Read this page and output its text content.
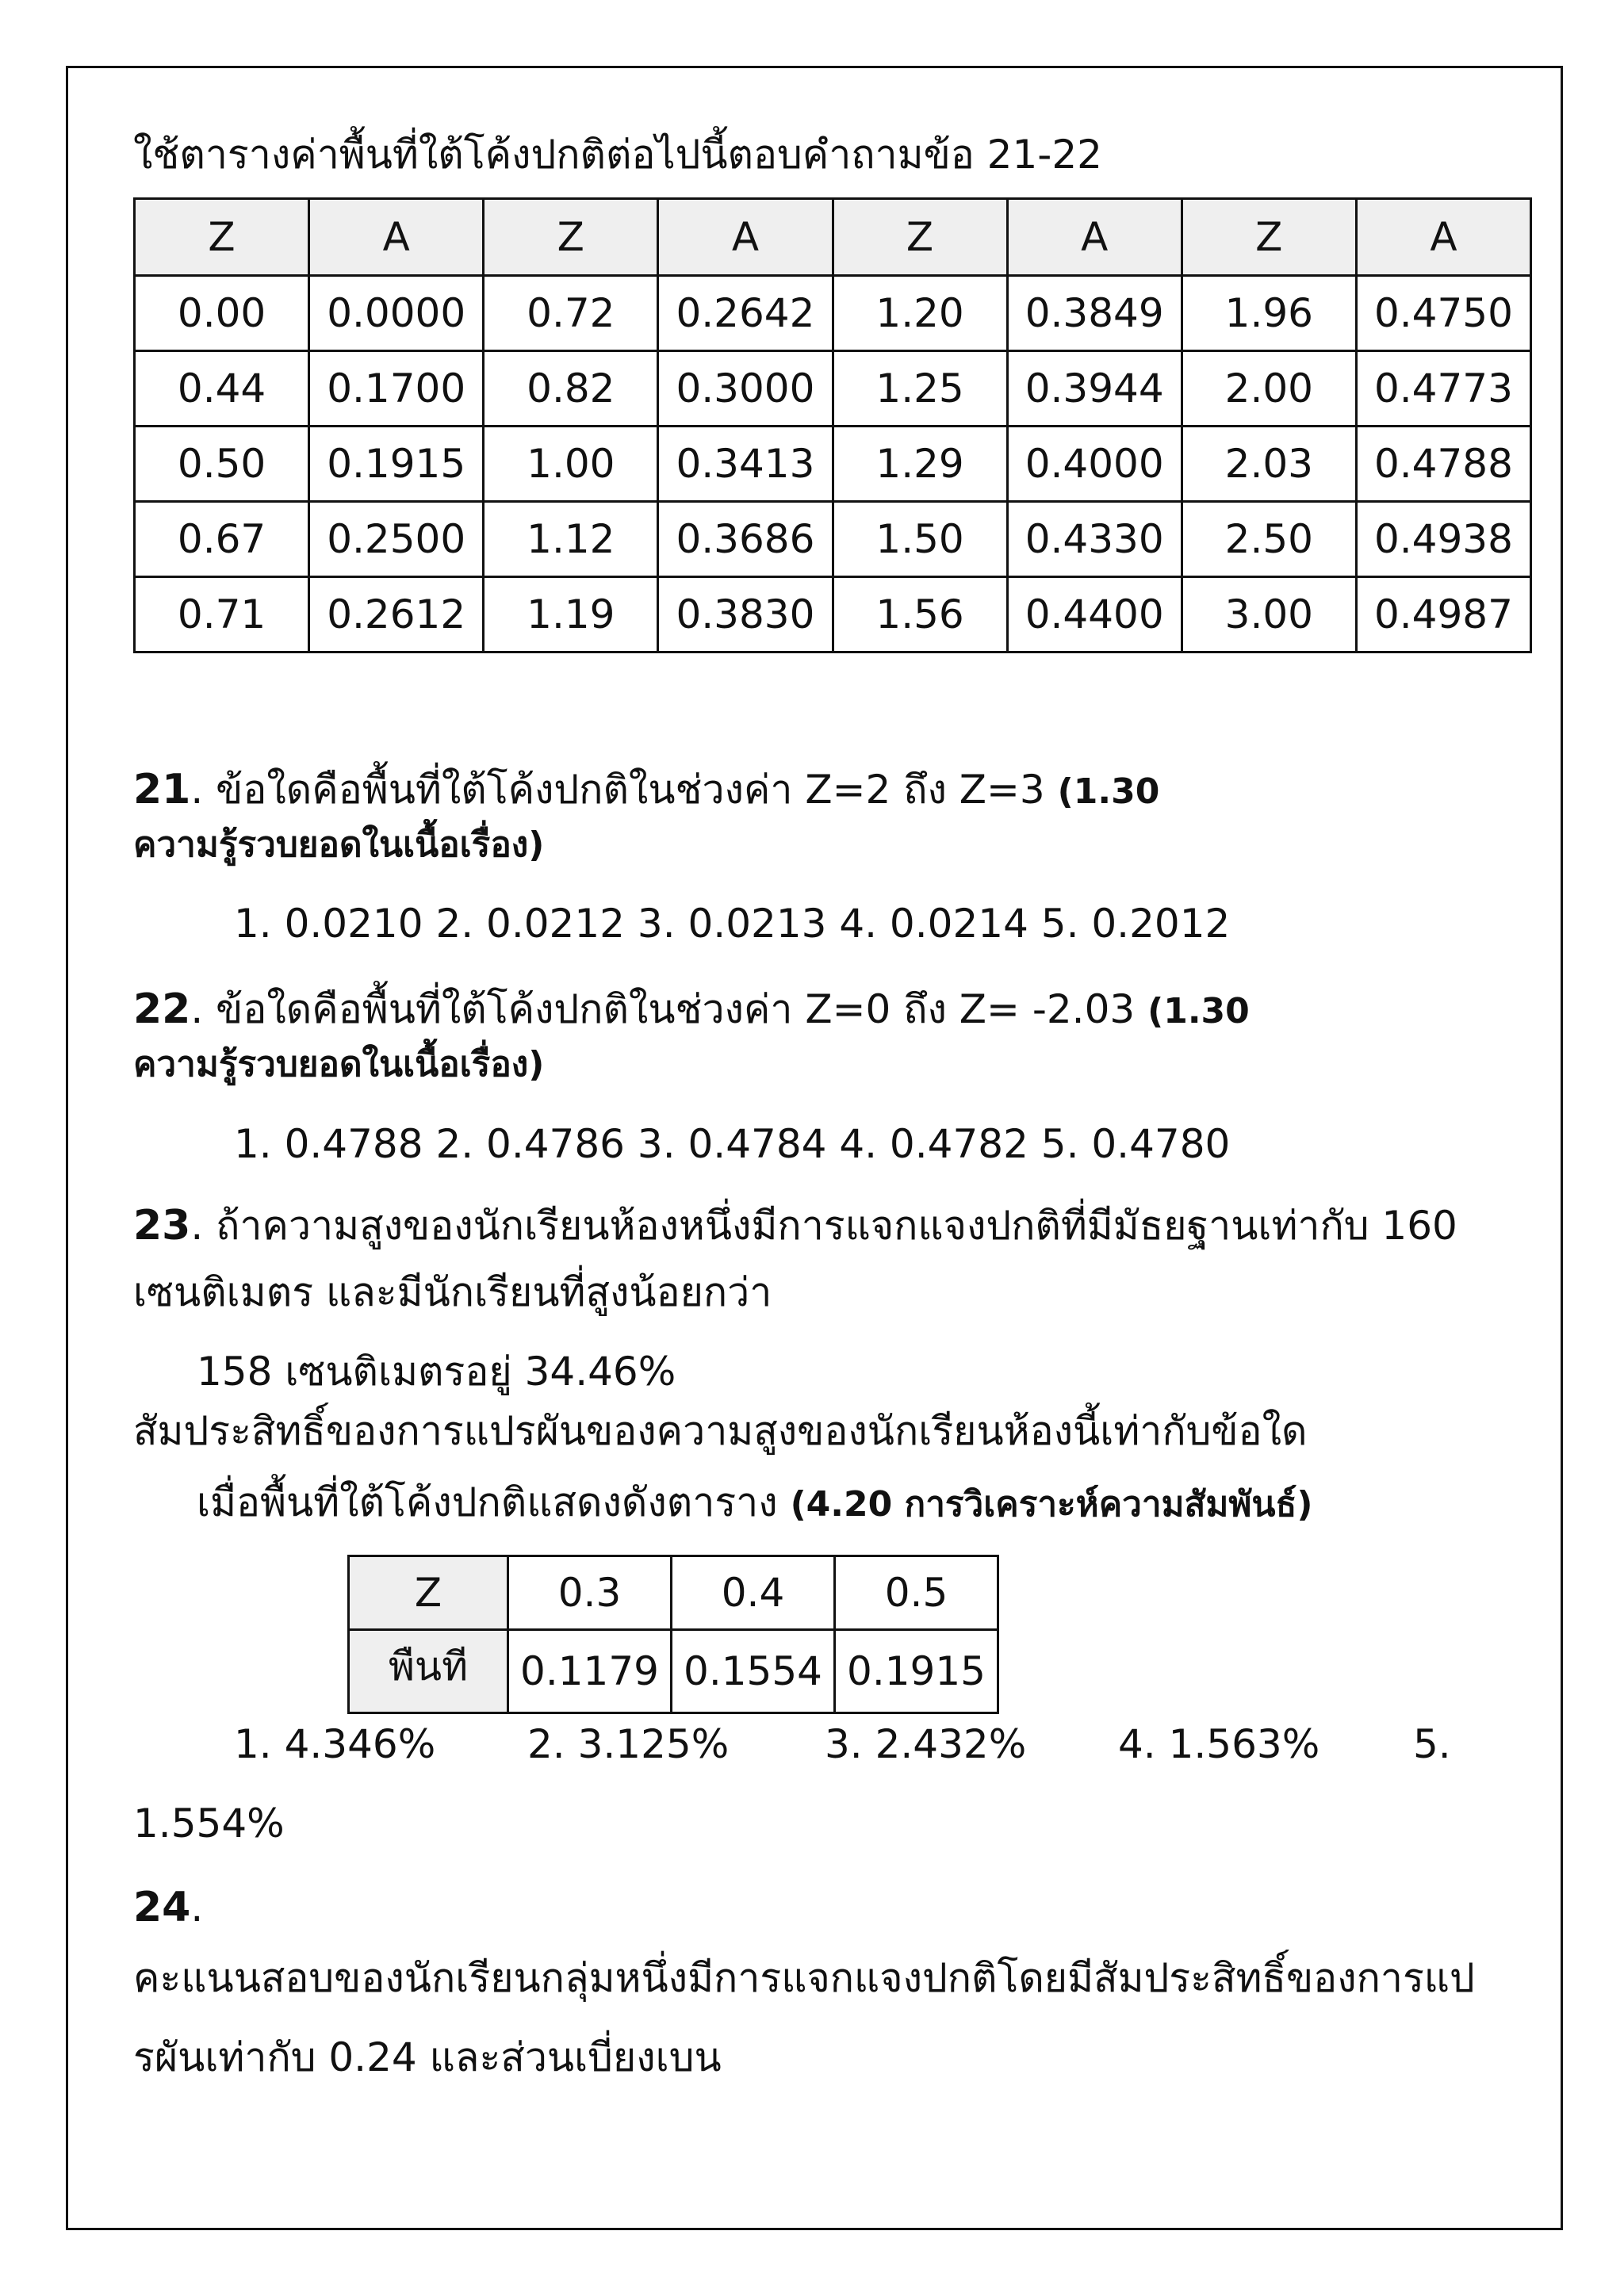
ใช้ตารางค่าพื้นที่ใต้โค้งปกติต่อไปนี้ตอบคำถามข้อ 21-22
Z	A	Z	A	Z	A	Z	A
0.00	0.0000	0.72	0.2642	1.20	0.3849	1.96	0.4750
0.44	0.1700	0.82	0.3000	1.25	0.3944	2.00	0.4773
0.50	0.1915	1.00	0.3413	1.29	0.4000	2.03	0.4788
0.67	0.2500	1.12	0.3686	1.50	0.4330	2.50	0.4938
0.71	0.2612	1.19	0.3830	1.56	0.4400	3.00	0.4987
21. ข้อใดคือพื้นที่ใต้โค้งปกติในช่วงค่า Z=2 ถึง Z=3 (1.30
ความรู้รวบยอดในเนื้อเรื่อง)
1. 0.0210 2. 0.0212 3. 0.0213 4. 0.0214 5. 0.2012
22. ข้อใดคือพื้นที่ใต้โค้งปกติในช่วงค่า Z=0 ถึง Z= -2.03 (1.30
ความรู้รวบยอดในเนื้อเรื่อง)
1. 0.4788 2. 0.4786 3. 0.4784 4. 0.4782 5. 0.4780
23. ถ้าความสูงของนักเรียนห้องหนึ่งมีการแจกแจงปกติที่มีมัธยฐานเท่ากับ 160
เซนติเมตร และมีนักเรียนที่สูงน้อยกว่า
158 เซนติเมตรอยู่ 34.46%
สัมประสิทธิ์ของการแปรผันของความสูงของนักเรียนห้องนี้เท่ากับข้อใด
เมื่อพื้นที่ใต้โค้งปกติแสดงดังตาราง (4.20 การวิเคราะห์ความสัมพันธ์)
Z	0.3	0.4	0.5
พืนที	0.1179	0.1554	0.1915
1. 4.346% 2. 3.125% 3. 2.432% 4. 1.563% 5.
1.554%
24.
คะแนนสอบของนักเรียนกลุ่มหนึ่งมีการแจกแจงปกติโดยมีสัมประสิทธิ์ของการแป
รผันเท่ากับ 0.24 และส่วนเบี่ยงเบน
